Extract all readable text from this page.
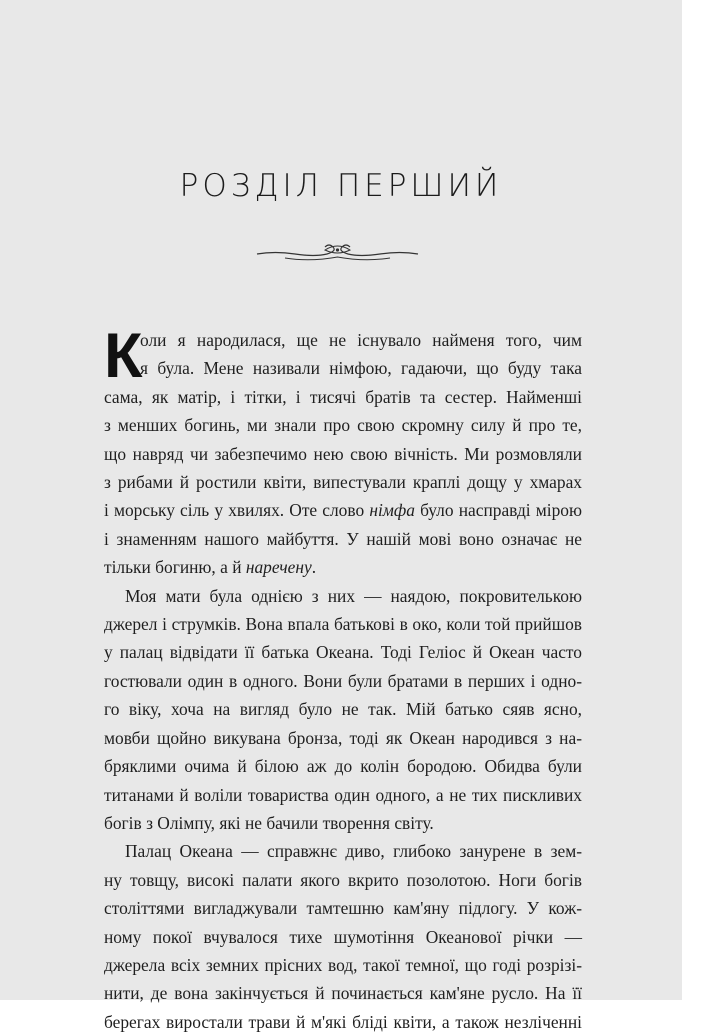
РОЗДІЛ ПЕРШИЙ
К
оли я народилася, ще не існувало найменя того, чим
я була. Мене називали німфою, гадаючи, що буду така
сама, як матір, і тітки, і тисячі братів та сестер. Найменші
з менших богинь, ми знали про свою скромну силу й про те,
що навряд чи забезпечимо нею свою вічність. Ми розмовляли
з рибами й ростили квіти, випестували краплі дощу у хмарах
і морську сіль у хвилях. Оте слово німфа було насправді мірою
і знаменням нашого майбуття. У нашій мові воно означає не
тільки богиню, а й наречену.
Моя мати була однією з них — наядою, покровителькою
джерел і струмків. Вона впала батькові в око, коли той прийшов
у палац відвідати її батька Океана. Тоді Геліос й Океан часто
гостювали один в одного. Вони були братами в перших і одно-
го віку, хоча на вигляд було не так. Мій батько сяяв ясно,
мовби щойно викувана бронза, тоді як Океан народився з на-
бряклими очима й білою аж до колін бородою. Обидва були
титанами й воліли товариства один одного, а не тих пискливих
богів з Олімпу, які не бачили творення світу.
Палац Океана — справжнє диво, глибоко занурене в зем-
ну товщу, високі палати якого вкрито позолотою. Ноги богів
століттями вигладжували тамтешню кам'яну підлогу. У кож-
ному покої вчувалося тихе шумотіння Океанової річки —
джерела всіх земних прісних вод, такої темної, що годі розрізі-
нити, де вона закінчується й починається кам'яне русло. На її
берегах виростали трави й м'які бліді квіти, а також незліченні
